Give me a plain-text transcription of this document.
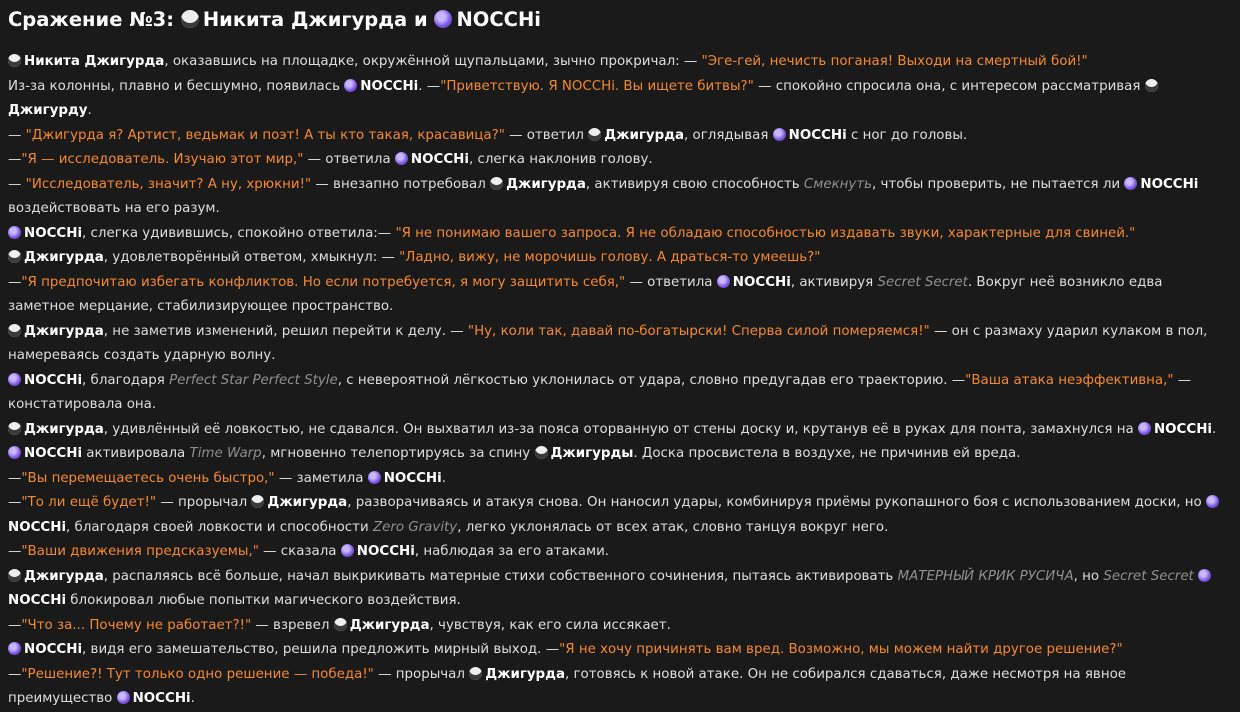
Сражение №3: Никита Джигурда и NOCCHi

Никита Джигурда, оказавшись на площадке, окружённой щупальцами, зычно прокричал: — "Эге-гей, нечисть поганая! Выходи на смертный бой!"

Из-за колонны, плавно и бесшумно, появилась NOCCHi. —"Приветствую. Я NOCCHi. Вы ищете битвы?" — спокойно спросила она, с интересом рассматривая Джигурду.

— "Джигурда я? Артист, ведьмак и поэт! А ты кто такая, красавица?" — ответил Джигурда, оглядывая NOCCHi с ног до головы.

—"Я — исследователь. Изучаю этот мир," — ответила NOCCHi, слегка наклонив голову.

— "Исследователь, значит? А ну, хрюкни!" — внезапно потребовал Джигурда, активируя свою способность Смекнуть, чтобы проверить, не пытается ли NOCCHi воздействовать на его разум.

NOCCHi, слегка удивившись, спокойно ответила:— "Я не понимаю вашего запроса. Я не обладаю способностью издавать звуки, характерные для свиней."

Джигурда, удовлетворённый ответом, хмыкнул: — "Ладно, вижу, не морочишь голову. А драться-то умеешь?"

—"Я предпочитаю избегать конфликтов. Но если потребуется, я могу защитить себя," — ответила NOCCHi, активируя Secret Secret. Вокруг неё возникло едва заметное мерцание, стабилизирующее пространство.

Джигурда, не заметив изменений, решил перейти к делу. — "Ну, коли так, давай по-богатырски! Сперва силой померяемся!" — он с размаху ударил кулаком в пол, намереваясь создать ударную волну.

NOCCHi, благодаря Perfect Star Perfect Style, с невероятной лёгкостью уклонилась от удара, словно предугадав его траекторию. —"Ваша атака неэффективна," — констатировала она.

Джигурда, удивлённый её ловкостью, не сдавался. Он выхватил из-за пояса оторванную от стены доску и, крутанув её в руках для понта, замахнулся на NOCCHi.

NOCCHi активировала Time Warp, мгновенно телепортируясь за спину Джигурды. Доска просвистела в воздухе, не причинив ей вреда.

—"Вы перемещаетесь очень быстро," — заметила NOCCHi.

—"То ли ещё будет!" — прорычал Джигурда, разворачиваясь и атакуя снова. Он наносил удары, комбинируя приёмы рукопашного боя с использованием доски, но NOCCHi, благодаря своей ловкости и способности Zero Gravity, легко уклонялась от всех атак, словно танцуя вокруг него.

—"Ваши движения предсказуемы," — сказала NOCCHi, наблюдая за его атаками.

Джигурда, распаляясь всё больше, начал выкрикивать матерные стихи собственного сочинения, пытаясь активировать МАТЕРНЫЙ КРИК РУСИЧА, но Secret Secret NOCCHi блокировал любые попытки магического воздействия.

—"Что за... Почему не работает?!" — взревел Джигурда, чувствуя, как его сила иссякает.

NOCCHi, видя его замешательство, решила предложить мирный выход. —"Я не хочу причинять вам вред. Возможно, мы можем найти другое решение?"

—"Решение?! Тут только одно решение — победа!" — прорычал Джигурда, готовясь к новой атаке. Он не собирался сдаваться, даже несмотря на явное преимущество NOCCHi.
